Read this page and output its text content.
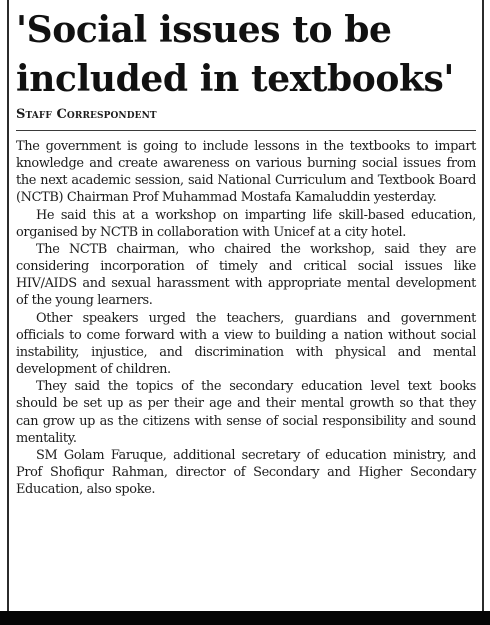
'Social issues to be
included in textbooks'
Staff Correspondent

The government is going to include lessons in the textbooks to impart knowledge and create awareness on various burning social issues from the next academic session, said National Curriculum and Textbook Board (NCTB) Chairman Prof Muhammad Mostafa Kamaluddin yesterday.

He said this at a workshop on imparting life skill-based education, organised by NCTB in collaboration with Unicef at a city hotel.

The NCTB chairman, who chaired the workshop, said they are considering incorporation of timely and critical social issues like HIV/AIDS and sexual harassment with appropriate mental development of the young learners.

Other speakers urged the teachers, guardians and government officials to come forward with a view to building a nation without social instability, injustice, and discrimination with physical and mental development of children.

They said the topics of the secondary education level text books should be set up as per their age and their mental growth so that they can grow up as the citizens with sense of social responsibility and sound mentality.

SM Golam Faruque, additional secretary of education ministry, and Prof Shofiqur Rahman, director of Secondary and Higher Secondary Education, also spoke.
